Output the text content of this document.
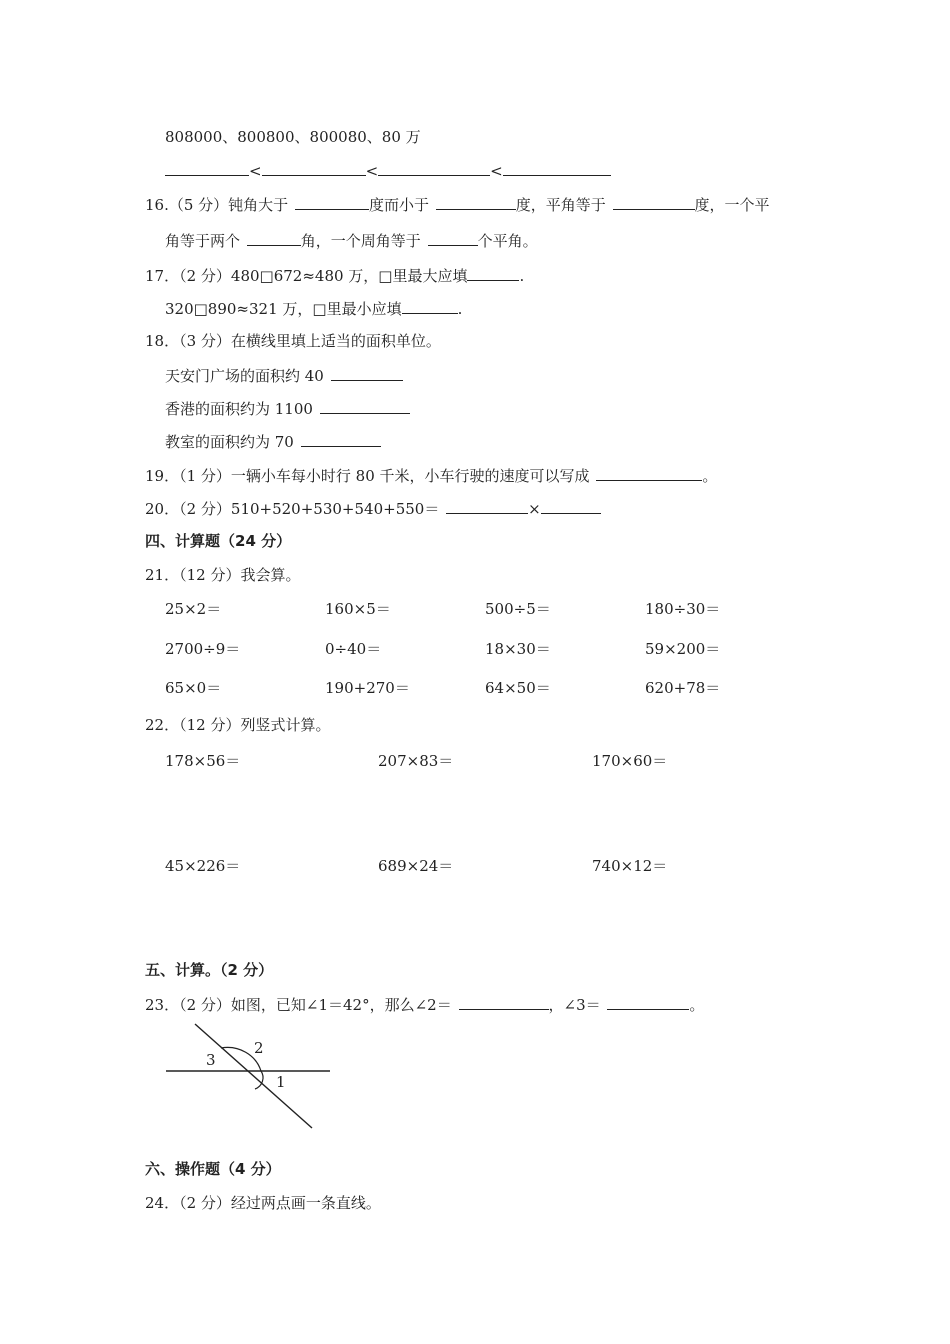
808000、800800、800080、80 万
<	<	<
16.（5 分）钝角大于	度而小于	度，平角等于	度，一个平
角等于两个	角，一个周角等于	个平角。
17．（2 分）480□672≈480 万，□里最大应填	.
320□890≈321 万，□里最小应填	.
18．（3 分）在横线里填上适当的面积单位。
天安门广场的面积约 40
香港的面积约为 1100
教室的面积约为 70
19．（1 分）一辆小车每小时行 80 千米，小车行驶的速度可以写成	。
20．（2 分）510+520+530+540+550＝	×
四、计算题（24 分）
21．（12 分）我会算。
25×2＝	160×5＝	500÷5＝	180÷30＝
2700÷9＝	0÷40＝	18×30＝	59×200＝
65×0＝	190+270＝	64×50＝	620+78＝
22．（12 分）列竖式计算。
178×56＝	207×83＝	170×60＝
45×226＝	689×24＝	740×12＝
五、计算。（2 分）
23．（2 分）如图，已知∠1＝42°，那么∠2＝	，∠3＝	。
3
2
1
六、操作题（4 分）
24．（2 分）经过两点画一条直线。
